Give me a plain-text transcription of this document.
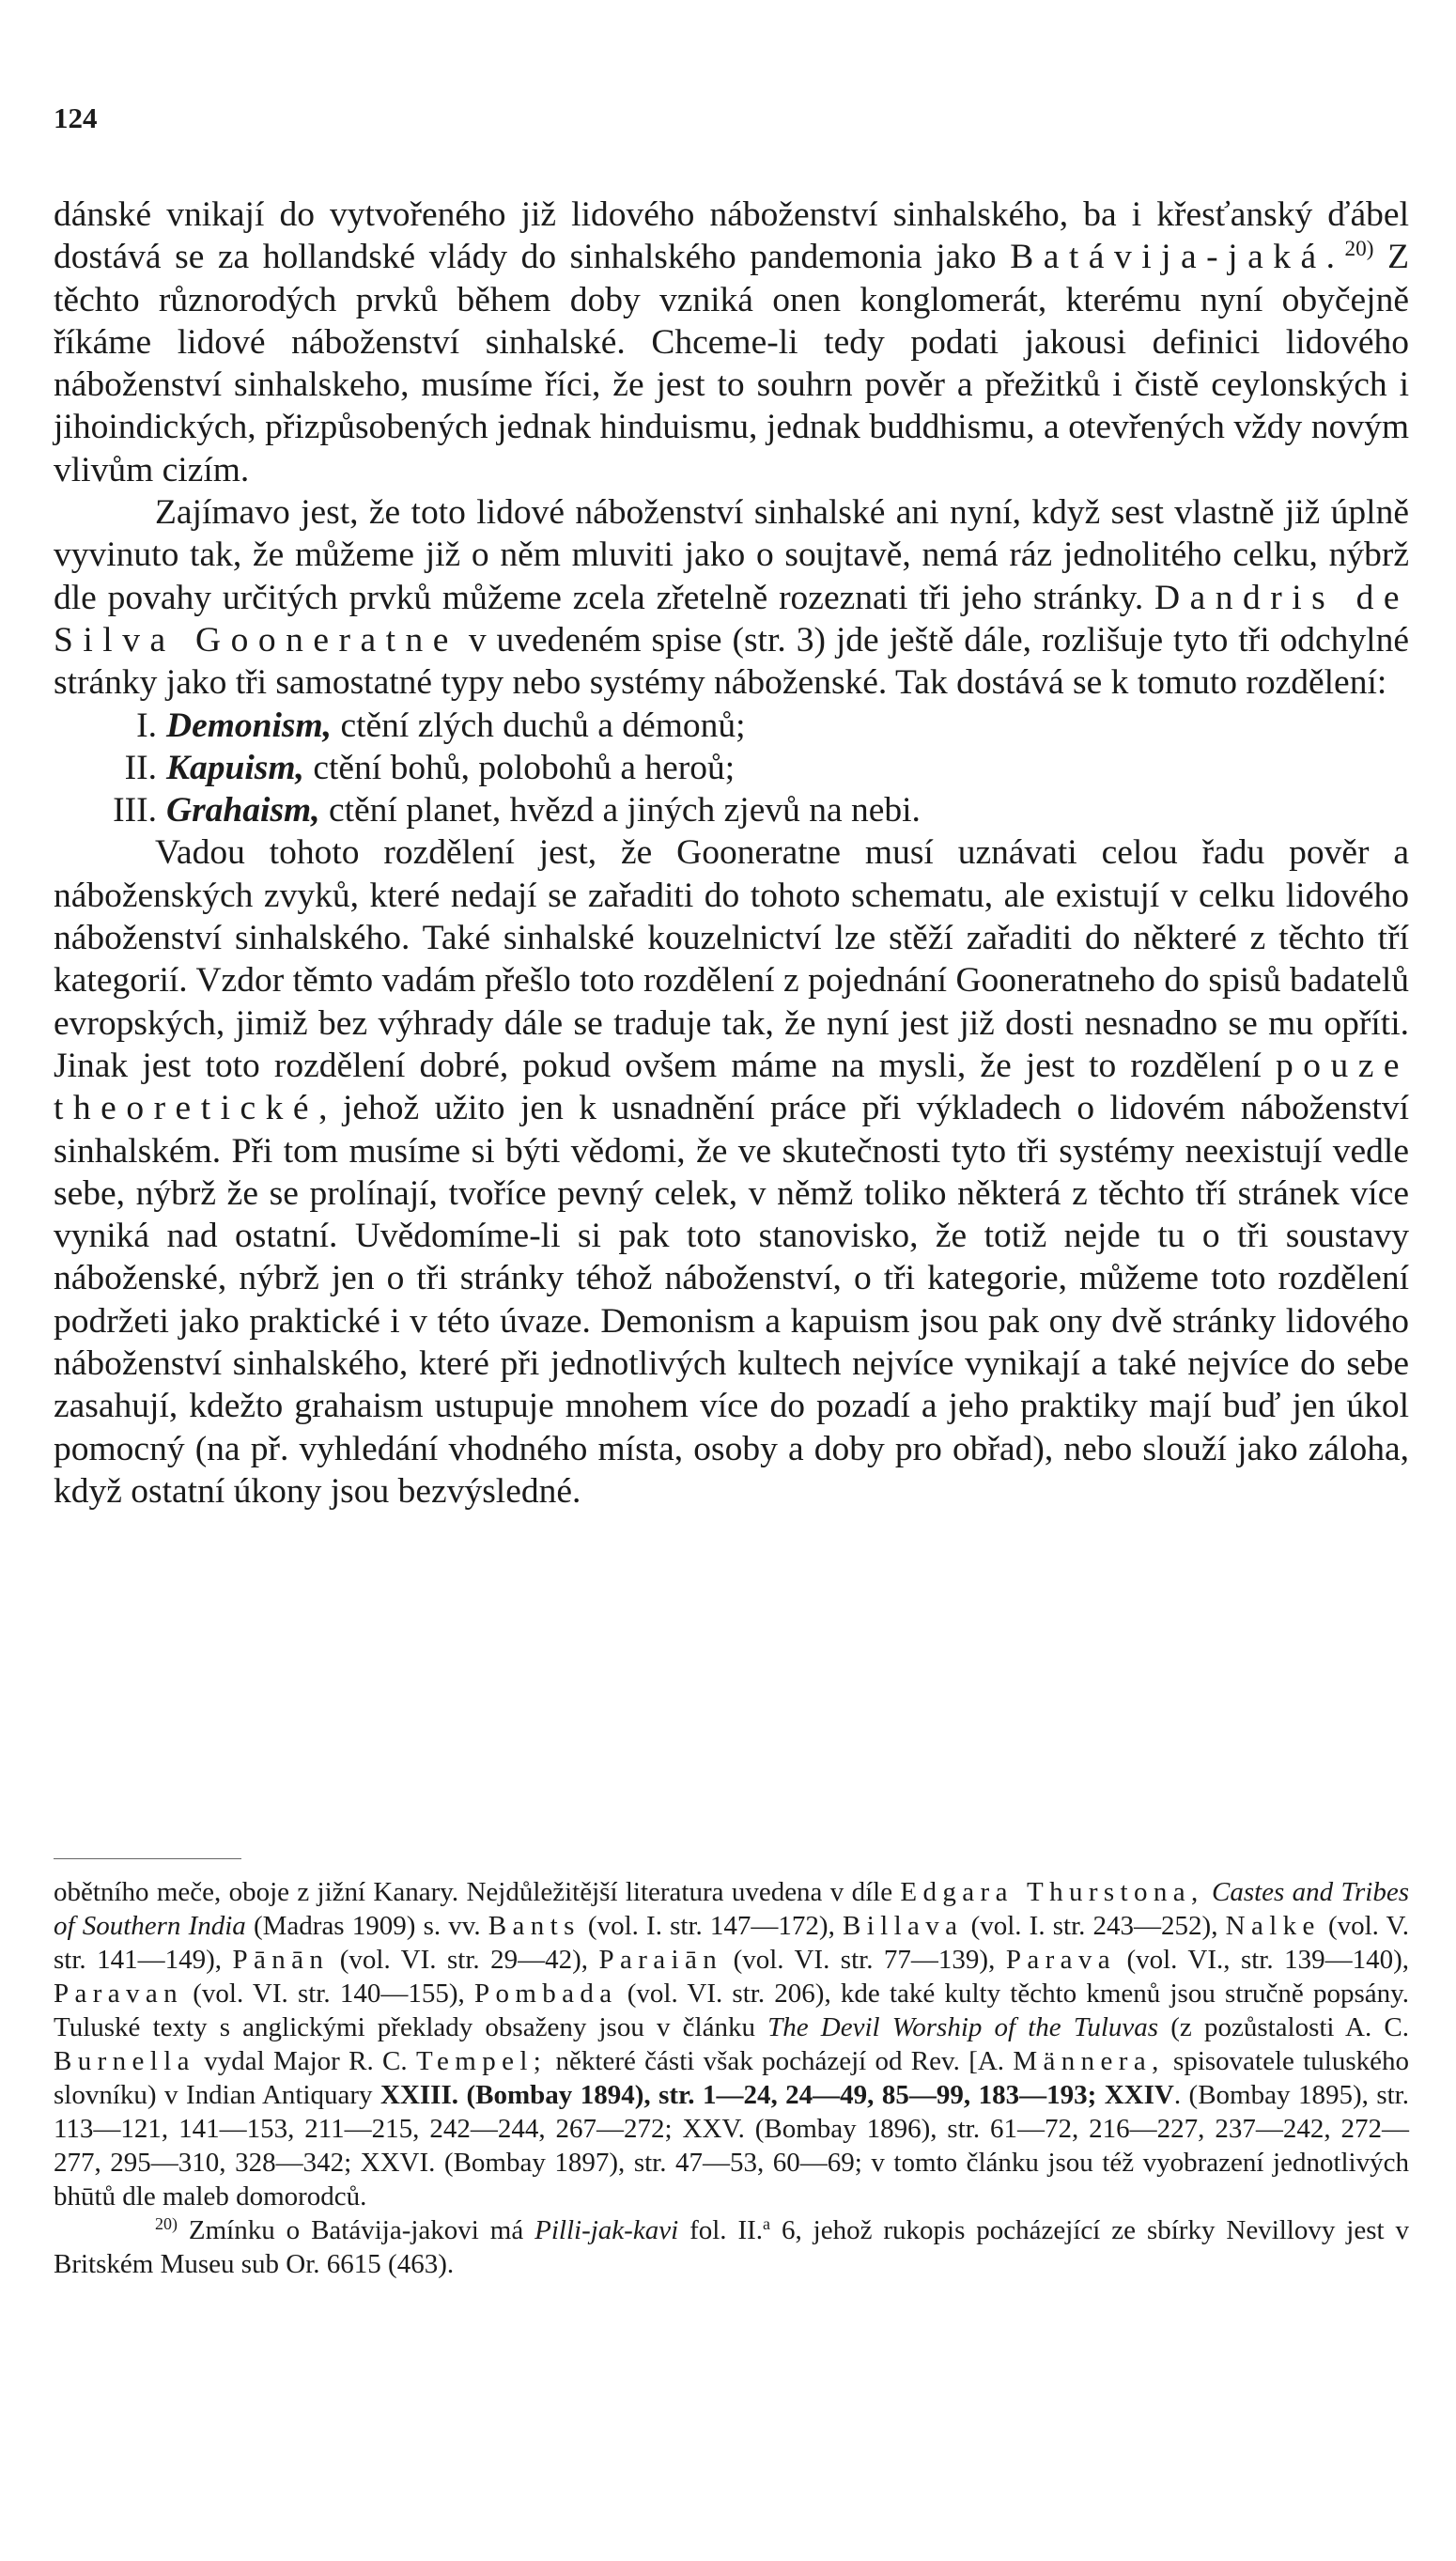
124

dánské vnikají do vytvořeného již lidového náboženství sinhalského, ba i křesťanský ďábel dostává se za hollandské vlády do sinhalského pandemonia jako Batávija-jaká.$^{20)}$ Z těchto různorodých prvků během doby vzniká onen konglomerát, kterému nyní obyčejně říkáme lidové náboženství sinhalské. Chceme-li tedy podati jakousi definici lidového náboženství sinhalskeho, musíme říci, že jest to souhrn pověr a přežitků i čistě ceylonských i jihoindických, přizpůsobených jednak hinduismu, jednak buddhismu, a otevřených vždy novým vlivům cizím.

Zajímavo jest, že toto lidové náboženství sinhalské ani nyní, když sest vlastně již úplně vyvinuto tak, že můžeme již o něm mluviti jako o soujtavě, nemá ráz jednolitého celku, nýbrž dle povahy určitých prvků můžeme zcela zřetelně rozeznati tři jeho stránky. Dandris de Silva Gooneratne v uvedeném spise (str. 3) jde ještě dále, rozlišuje tyto tři odchylné stránky jako tři samostatné typy nebo systémy náboženské. Tak dostává se k tomuto rozdělení:

I. Demonism, ctění zlých duchů a démonů;
II. Kapuism, ctění bohů, polobohů a heroů;
III. Grahaism, ctění planet, hvězd a jiných zjevů na nebi.

Vadou tohoto rozdělení jest, že Gooneratne musí uznávati celou řadu pověr a náboženských zvyků, které nedají se zařaditi do tohoto schematu, ale existují v celku lidového náboženství sinhalského. Také sinhalské kouzelnictví lze stěží zařaditi do některé z těchto tří kategorií. Vzdor těmto vadám přešlo toto rozdělení z pojednání Gooneratneho do spisů badatelů evropských, jimiž bez výhrady dále se traduje tak, že nyní jest již dosti nesnadno se mu opříti. Jinak jest toto rozdělení dobré, pokud ovšem máme na mysli, že jest to rozdělení pouze theoretické, jehož užito jen k usnadnění práce při výkladech o lidovém náboženství sinhalském. Při tom musíme si býti vědomi, že ve skutečnosti tyto tři systémy neexistují vedle sebe, nýbrž že se prolínají, tvoříce pevný celek, v němž toliko některá z těchto tří stránek více vyniká nad ostatní. Uvědomíme-li si pak toto stanovisko, že totiž nejde tu o tři soustavy náboženské, nýbrž jen o tři stránky téhož náboženství, o tři kategorie, můžeme toto rozdělení podržeti jako praktické i v této úvaze. Demonism a kapuism jsou pak ony dvě stránky lidového náboženství sinhalského, které při jednotlivých kultech nejvíce vynikají a také nejvíce do sebe zasahují, kdežto grahaism ustupuje mnohem více do pozadí a jeho praktiky mají buď jen úkol pomocný (na př. vyhledání vhodného místa, osoby a doby pro obřad), nebo slouží jako záloha, když ostatní úkony jsou bezvýsledné.

obětního meče, oboje z jižní Kanary. Nejdůležitější literatura uvedena v díle Edgara Thurstona, Castes and Tribes of Southern India (Madras 1909) s. vv. Bants (vol. I. str. 147—172), Billava (vol. I. str. 243—252), Nalke (vol. V. str. 141—149), Pānān (vol. VI. str. 29—42), Paraiān (vol. VI. str. 77—139), Parava (vol. VI., str. 139—140), Paravan (vol. VI. str. 140—155), Pombada (vol. VI. str. 206), kde také kulty těchto kmenů jsou stručně popsány. Tuluské texty s anglickými překlady obsaženy jsou v článku The Devil Worship of the Tuluvas (z pozůstalosti A. C. Burnella vydal Major R. C. Tempel; některé části však pocházejí od Rev. [A. Männera, spisovatele tuluského slovníku) v Indian Antiquary XXIII. (Bombay 1894), str. 1—24, 24—49, 85—99, 183—193; XXIV. (Bombay 1895), str. 113—121, 141—153, 211—215, 242—244, 267—272; XXV. (Bombay 1896), str. 61—72, 216—227, 237—242, 272—277, 295—310, 328—342; XXVI. (Bombay 1897), str. 47—53, 60—69; v tomto článku jsou též vyobrazení jednotlivých bhūtů dle maleb domorodců.

$^{20)}$ Zmínku o Batávija-jakovi má Pilli-jak-kavi fol. II.$^a$ 6, jehož rukopis pocházející ze sbírky Nevillovy jest v Britském Museu sub Or. 6615 (463).
